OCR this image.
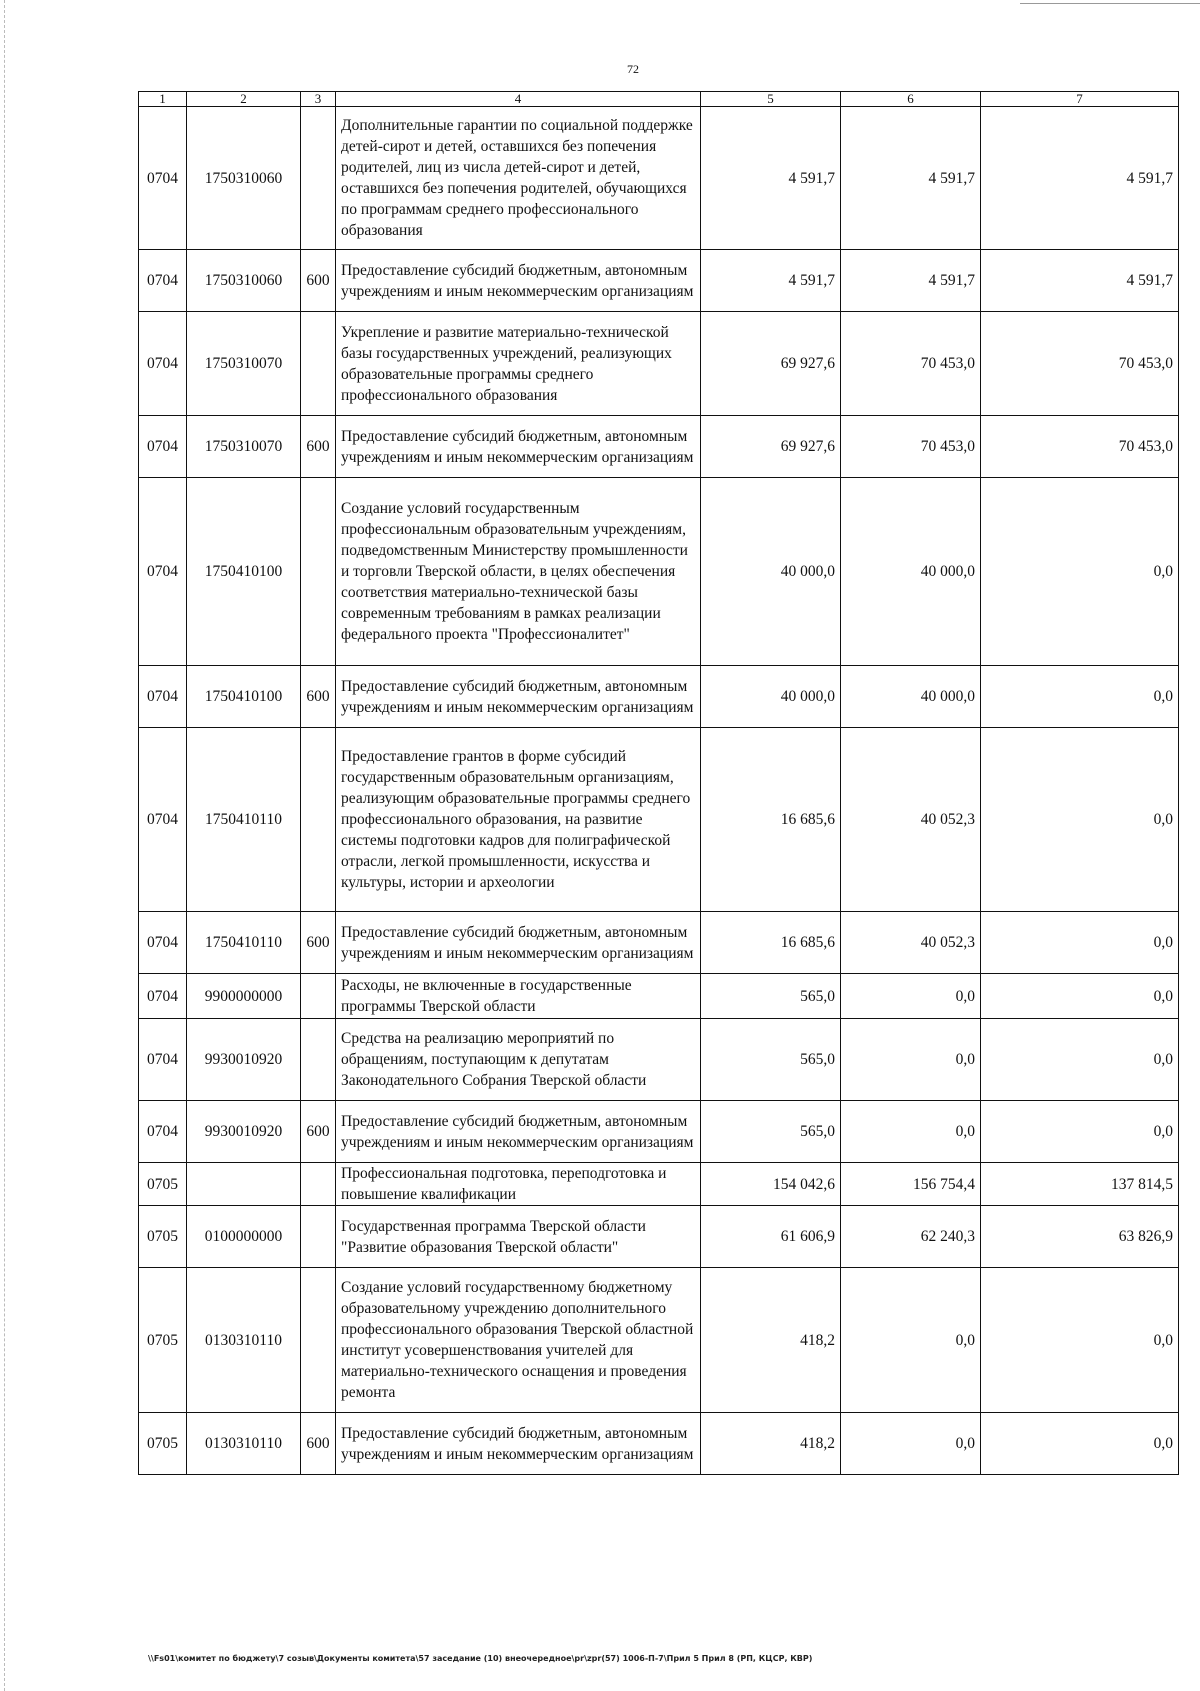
72
1	2	3	4	5	6	7
0704	1750310060		Дополнительные гарантии по социальной поддержке детей-сирот и детей, оставшихся без попечения родителей, лиц из числа детей-сирот и детей, оставшихся без попечения родителей, обучающихся по программам среднего профессионального образования	4 591,7	4 591,7	4 591,7
0704	1750310060	600	Предоставление субсидий бюджетным, автономным учреждениям и иным некоммерческим организациям	4 591,7	4 591,7	4 591,7
0704	1750310070		Укрепление и развитие материально-технической базы государственных учреждений, реализующих образовательные программы среднего профессионального образования	69 927,6	70 453,0	70 453,0
0704	1750310070	600	Предоставление субсидий бюджетным, автономным учреждениям и иным некоммерческим организациям	69 927,6	70 453,0	70 453,0
0704	1750410100		Создание условий государственным профессиональным образовательным учреждениям, подведомственным Министерству промышленности и торговли Тверской области, в целях обеспечения соответствия материально-технической базы современным требованиям в рамках реализации федерального проекта "Профессионалитет"	40 000,0	40 000,0	0,0
0704	1750410100	600	Предоставление субсидий бюджетным, автономным учреждениям и иным некоммерческим организациям	40 000,0	40 000,0	0,0
0704	1750410110		Предоставление грантов в форме субсидий государственным образовательным организациям, реализующим образовательные программы среднего профессионального образования, на развитие системы подготовки кадров для полиграфической отрасли, легкой промышленности, искусства и культуры, истории и археологии	16 685,6	40 052,3	0,0
0704	1750410110	600	Предоставление субсидий бюджетным, автономным учреждениям и иным некоммерческим организациям	16 685,6	40 052,3	0,0
0704	9900000000		Расходы, не включенные в государственные программы Тверской области	565,0	0,0	0,0
0704	9930010920		Средства на реализацию мероприятий по обращениям, поступающим к депутатам Законодательного Собрания Тверской области	565,0	0,0	0,0
0704	9930010920	600	Предоставление субсидий бюджетным, автономным учреждениям и иным некоммерческим организациям	565,0	0,0	0,0
0705			Профессиональная подготовка, переподготовка и повышение квалификации	154 042,6	156 754,4	137 814,5
0705	0100000000		Государственная программа Тверской области "Развитие образования Тверской области"	61 606,9	62 240,3	63 826,9
0705	0130310110		Создание условий государственному бюджетному образовательному учреждению дополнительного профессионального образования Тверской областной институт усовершенствования учителей для материально-технического оснащения и проведения ремонта	418,2	0,0	0,0
0705	0130310110	600	Предоставление субсидий бюджетным, автономным учреждениям и иным некоммерческим организациям	418,2	0,0	0,0
\\Fs01\комитет по бюджету\7 созыв\Документы комитета\57 заседание (10) внеочередное\pr\zpr(57) 1006-П-7\Прил 5 Прил 8 (РП, КЦСР, КВР)
